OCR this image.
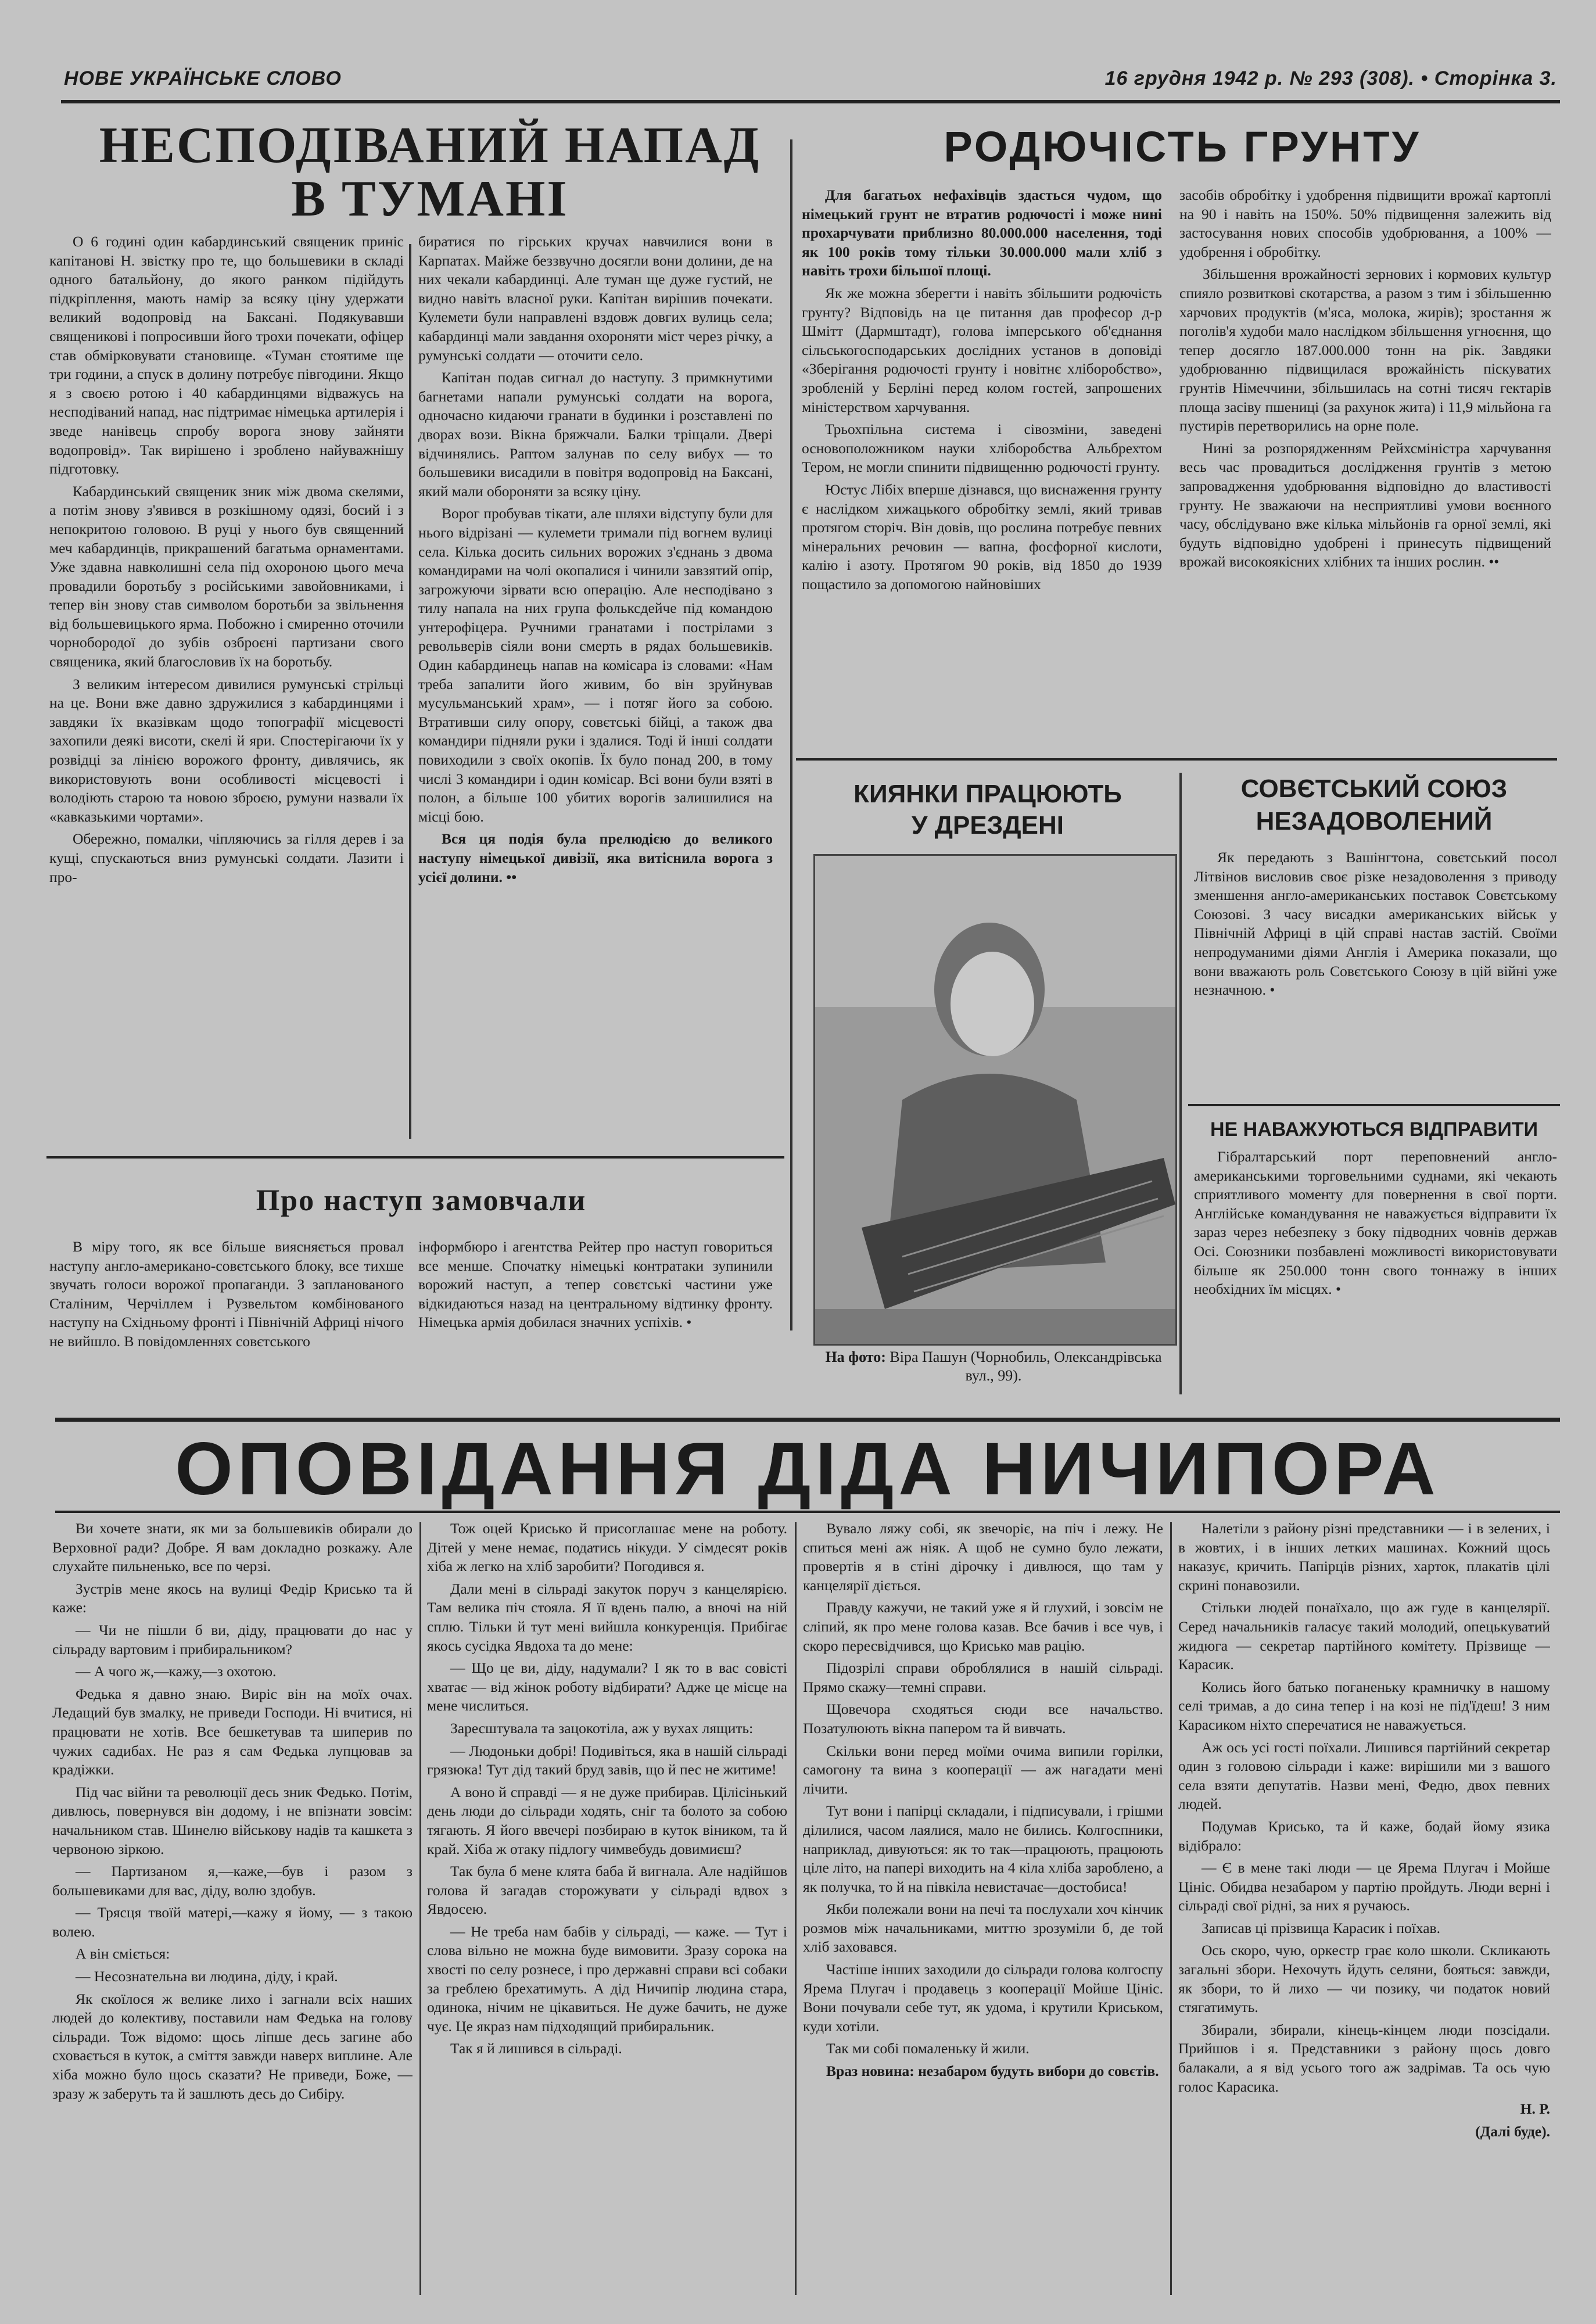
НОВЕ УКРАЇНСЬКЕ СЛОВО	16 грудня 1942 р. № 293 (308). • Сторінка 3.
НЕСПОДІВАНИЙ НАПАД
В ТУМАНІ

О 6 годині один кабардинський священик приніс капітанові Н. звістку про те, що большевики в складі одного батальйону, до якого ранком підійдуть підкріплення, мають намір за всяку ціну удержати великий водопровід на Баксані. Подякувавши священикові і попросивши його трохи почекати, офіцер став обмірковувати становище. «Туман стоятиме ще три години, а спуск в долину потребує півгодини. Якщо я з своєю ротою і 40 кабардинцями відважусь на несподіваний напад, нас підтримає німецька артилерія і зведе нанівець спробу ворога знову зайняти водопровід». Так вирішено і зроблено найуважнішу підготовку.

Кабардинський священик зник між двома скелями, а потім знову з'явився в розкішному одязі, босий і з непокритою головою. В руці у нього був священний меч кабардинців, прикрашений багатьма орнаментами. Уже здавна навколишні села під охороною цього меча провадили боротьбу з російськими завойовниками, і тепер він знову став символом боротьби за звільнення від большевицького ярма. Побожно і смиренно оточили чорнобородої до зубів озброєні партизани свого священика, який благословив їх на боротьбу.

З великим інтересом дивилися румунські стрільці на це. Вони вже давно здружилися з кабардинцями і завдяки їх вказівкам щодо топографії місцевості захопили деякі висоти, скелі й яри. Спостерігаючи їх у розвідці за лінією ворожого фронту, дивлячись, як використовують вони особливості місцевості і володіють старою та новою зброєю, румуни назвали їх «кавказькими чортами».

Обережно, помалки, чіпляючись за гілля дерев і за кущі, спускаються вниз румунські солдати. Лазити і про-

биратися по гірських кручах навчилися вони в Карпатах. Майже беззвучно досягли вони долини, де на них чекали кабардинці. Але туман ще дуже густий, не видно навіть власної руки. Капітан вирішив почекати. Кулемети були направлені вздовж довгих вулиць села; кабардинці мали завдання охороняти міст через річку, а румунські солдати — оточити село.

Капітан подав сигнал до наступу. З примкнутими багнетами напали румунські солдати на ворога, одночасно кидаючи гранати в будинки і розставлені по дворах вози. Вікна бряжчали. Балки тріщали. Двері відчинялись. Раптом залунав по селу вибух — то большевики висадили в повітря водопровід на Баксані, який мали обороняти за всяку ціну.

Ворог пробував тікати, але шляхи відступу були для нього відрізані — кулемети тримали під вогнем вулиці села. Кілька досить сильних ворожих з'єднань з двома командирами на чолі окопалися і чинили завзятий опір, загрожуючи зірвати всю операцію. Але несподівано з тилу напала на них група фольксдейче під командою унтерофіцера. Ручними гранатами і пострілами з револьверів сіяли вони смерть в рядах большевиків. Один кабардинець напав на комісара із словами: «Нам треба запалити його живим, бо він зруйнував мусульманський храм», — і потяг його за собою. Втративши силу опору, совєтські бійці, а також два командири підняли руки і здалися. Тоді й інші солдати повиходили з своїх окопів. Їх було понад 200, в тому числі 3 командири і один комісар. Всі вони були взяті в полон, а більше 100 убитих ворогів залишилися на місці бою.

Вся ця подія була прелюдією до великого наступу німецької дивізії, яка витіснила ворога з усієї долини. ••

Про наступ замовчали

В міру того, як все більше виясняється провал наступу англо-американо-совєтського блоку, все тихше звучать голоси ворожої пропаганди. З запланованого Сталіним, Черчіллем і Рузвельтом комбінованого наступу на Східньому фронті і Північній Африці нічого не вийшло. В повідомленнях совєтського

інформбюро і агентства Рейтер про наступ говориться все менше. Спочатку німецькі контратаки зупинили ворожий наступ, а тепер совєтські частини уже відкидаються назад на центральному відтинку фронту. Німецька армія добилася значних успіхів. •

РОДЮЧІСТЬ ГРУНТУ

Для багатьох нефахівців здасться чудом, що німецький грунт не втратив родючості і може нині прохарчувати приблизно 80.000.000 населення, тоді як 100 років тому тільки 30.000.000 мали хліб з навіть трохи більшої площі.

Як же можна зберегти і навіть збільшити родючість грунту? Відповідь на це питання дав професор д-р Шмітт (Дармштадт), голова імперського об'єднання сільськогосподарських дослідних установ в доповіді «Зберігання родючості грунту і новітнє хліборобство», зробленій у Берліні перед колом гостей, запрошених міністерством харчування.

Трьохпільна система і сівозміни, заведені основоположником науки хліборобства Альбрехтом Тером, не могли спинити підвищенню родючості грунту.

Юстус Лібіх вперше дізнався, що виснаження грунту є наслідком хижацького обробітку землі, який тривав протягом сторіч. Він довів, що рослина потребує певних мінеральних речовин — вапна, фосфорної кислоти, калію і азоту. Протягом 90 років, від 1850 до 1939 пощастило за допомогою найновіших

засобів обробітку і удобрення підвищити врожаї картоплі на 90 і навіть на 150%. 50% підвищення залежить від застосування нових способів удобрювання, а 100% — удобрення і обробітку.

Збільшення врожайності зернових і кормових культур спияло розвиткові скотарства, а разом з тим і збільшенню харчових продуктів (м'яса, молока, жирів); зростання ж поголів'я худоби мало наслідком збільшення угноєння, що тепер досягло 187.000.000 тонн на рік. Завдяки удобрюванню підвищилася врожайність піскуватих грунтів Німеччини, збільшилась на сотні тисяч гектарів площа засіву пшениці (за рахунок жита) і 11,9 мільйона га пустирів перетворились на орне поле.

Нині за розпорядженням Рейхсміністра харчування весь час провадиться дослідження грунтів з метою запровадження удобрювання відповідно до властивості грунту. Не зважаючи на несприятливі умови воєнного часу, обслідувано вже кілька мільйонів га орної землі, які будуть відповідно удобрені і принесуть підвищений врожай високоякісних хлібних та інших рослин. ••

КИЯНКИ ПРАЦЮЮТЬ
У ДРЕЗДЕНІ
На фото: Віра Пашун (Чорнобиль, Олександрівська вул., 99).
СОВЄТСЬКИЙ СОЮЗ
НЕЗАДОВОЛЕНИЙ

Як передають з Вашінгтона, совєтський посол Літвінов висловив своє різке незадоволення з приводу зменшення англо-американських поставок Совєтському Союзові. З часу висадки американських військ у Північній Африці в цій справі настав застій. Своїми непродуманими діями Англія і Америка показали, що вони вважають роль Совєтського Союзу в цій війні уже незначною. •

НЕ НАВАЖУЮТЬСЯ ВІДПРАВИТИ

Гібралтарський порт переповнений англо-американськими торговельними суднами, які чекають сприятливого моменту для повернення в свої порти. Англійське командування не наважується відправити їх зараз через небезпеку з боку підводних човнів держав Осі. Союзники позбавлені можливості використовувати більше як 250.000 тонн свого тоннажу в інших необхідних їм місцях. •

ОПОВІДАННЯ ДІДА НИЧИПОРА

Ви хочете знати, як ми за большевиків обирали до Верховної ради? Добре. Я вам докладно розкажу. Але слухайте пильненько, все по черзі.

Зустрів мене якось на вулиці Федір Крисько та й каже:

— Чи не пішли б ви, діду, працювати до нас у сільраду вартовим і прибиральником?

— А чого ж,—кажу,—з охотою.

Федька я давно знаю. Виріс він на моїх очах. Ледащий був змалку, не приведи Господи. Ні вчитися, ні працювати не хотів. Все бешкетував та шиперив по чужих садибах. Не раз я сам Федька лупцював за крадіжки.

Під час війни та революції десь зник Федько. Потім, дивлюсь, повернувся він додому, і не впізнати зовсім: начальником став. Шинелю військову надів та кашкета з червоною зіркою.

— Партизаном я,—каже,—був і разом з большевиками для вас, діду, волю здобув.

— Трясця твоїй матері,—кажу я йому, — з такою волею.

А він сміється:

— Несознательна ви людина, діду, і край.

Як скоїлося ж велике лихо і загнали всіх наших людей до колективу, поставили нам Федька на голову сільради. Тож відомо: щось ліпше десь загине або сховається в куток, а сміття завжди наверх виплине. Але хіба можно було щось сказати? Не приведи, Боже, — зразу ж заберуть та й зашлють десь до Сибіру.

Тож оцей Крисько й присоглашає мене на роботу. Дітей у мене немає, податись нікуди. У сімдесят років хіба ж легко на хліб заробити? Погодився я.

Дали мені в сільраді закуток поруч з канцелярією. Там велика піч стояла. Я її вдень палю, а вночі на ній сплю. Тільки й тут мені вийшла конкуренція. Прибігає якось сусідка Явдоха та до мене:

— Що це ви, діду, надумали? І як то в вас совісті хватає — від жінок роботу відбирати? Адже це місце на мене числиться.

Заресштувала та зацокотіла, аж у вухах лящить:

— Людоньки добрі! Подивіться, яка в нашій сільраді грязюка! Тут дід такий бруд завів, що й пес не житиме!

А воно й справді — я не дуже прибирав. Цілісінький день люди до сільради ходять, сніг та болото за собою тягають. Я його ввечері позбираю в куток віником, та й край. Хіба ж отаку підлогу чимвебудь довимиєш?

Так була б мене клята баба й вигнала. Але надійшов голова й загадав сторожувати у сільраді вдвох з Явдосею.

— Не треба нам бабів у сільраді, — каже. — Тут і слова вільно не можна буде вимовити. Зразу сорока на хвості по селу рознесе, і про державні справи всі собаки за греблею брехатимуть. А дід Ничипір людина стара, одинока, нічим не цікавиться. Не дуже бачить, не дуже чує. Це якраз нам підходящий прибиральник.

Так я й лишився в сільраді.

Вувало ляжу собі, як звечоріє, на піч і лежу. Не спиться мені аж ніяк. А щоб не сумно було лежати, провертів я в стіні дірочку і дивлюся, що там у канцелярії діється.

Правду кажучи, не такий уже я й глухий, і зовсім не сліпий, як про мене голова казав. Все бачив і все чув, і скоро пересвідчився, що Крисько мав рацію.

Підозрілі справи оброблялися в нашій сільраді. Прямо скажу—темні справи.

Щовечора сходяться сюди все начальство. Позатулюють вікна папером та й вивчать.

Скільки вони перед моїми очима випили горілки, самогону та вина з кооперації — аж нагадати мені лічити.

Тут вони і папірці складали, і підписували, і грішми ділилися, часом лаялися, мало не бились. Колгоспники, наприклад, дивуються: як то так—працюють, працюють ціле літо, на папері виходить на 4 кіла хліба зароблено, а як получка, то й на півкіла невистачає—достобиса!

Якби полежали вони на печі та послухали хоч кінчик розмов між начальниками, миттю зрозуміли б, де той хліб заховався.

Частіше інших заходили до сільради голова колгоспу Ярема Плугач і продавець з кооперації Мойше Цініс. Вони почували себе тут, як удома, і крутили Криськом, куди хотіли.

Так ми собі помаленьку й жили.

Враз новина: незабаром будуть вибори до совєтів.

Налетіли з району різні представники — і в зелених, і в жовтих, і в інших летких машинах. Кожний щось наказує, кричить. Папірців різних, харток, плакатів цілі скрині понавозили.

Стільки людей понаїхало, що аж гуде в канцелярії. Серед начальників галасує такий молодий, опецькуватий жидюга — секретар партійного комітету. Прізвище — Карасик.

Колись його батько поганеньку крамничку в нашому селі тримав, а до сина тепер і на козі не під'їдеш! З ним Карасиком ніхто сперечатися не наважується.

Аж ось усі гості поїхали. Лишився партійний секретар один з головою сільради і каже: вирішили ми з вашого села взяти депутатів. Назви мені, Федю, двох певних людей.

Подумав Крисько, та й каже, бодай йому язика відібрало:

— Є в мене такі люди — це Ярема Плугач і Мойше Цініс. Обидва незабаром у партію пройдуть. Люди верні і сільраді свої рідні, за них я ручаюсь.

Записав ці прізвища Карасик і поїхав.

Ось скоро, чую, оркестр грає коло школи. Скликають загальні збори. Нехочуть йдуть селяни, бояться: завжди, як збори, то й лихо — чи позику, чи податок новий стягатимуть.

Збирали, збирали, кінець-кінцем люди позсідали. Прийшов і я. Представники з району щось довго балакали, а я від усього того аж задрімав. Та ось чую голос Карасика.

Н. Р.

(Далі буде).
